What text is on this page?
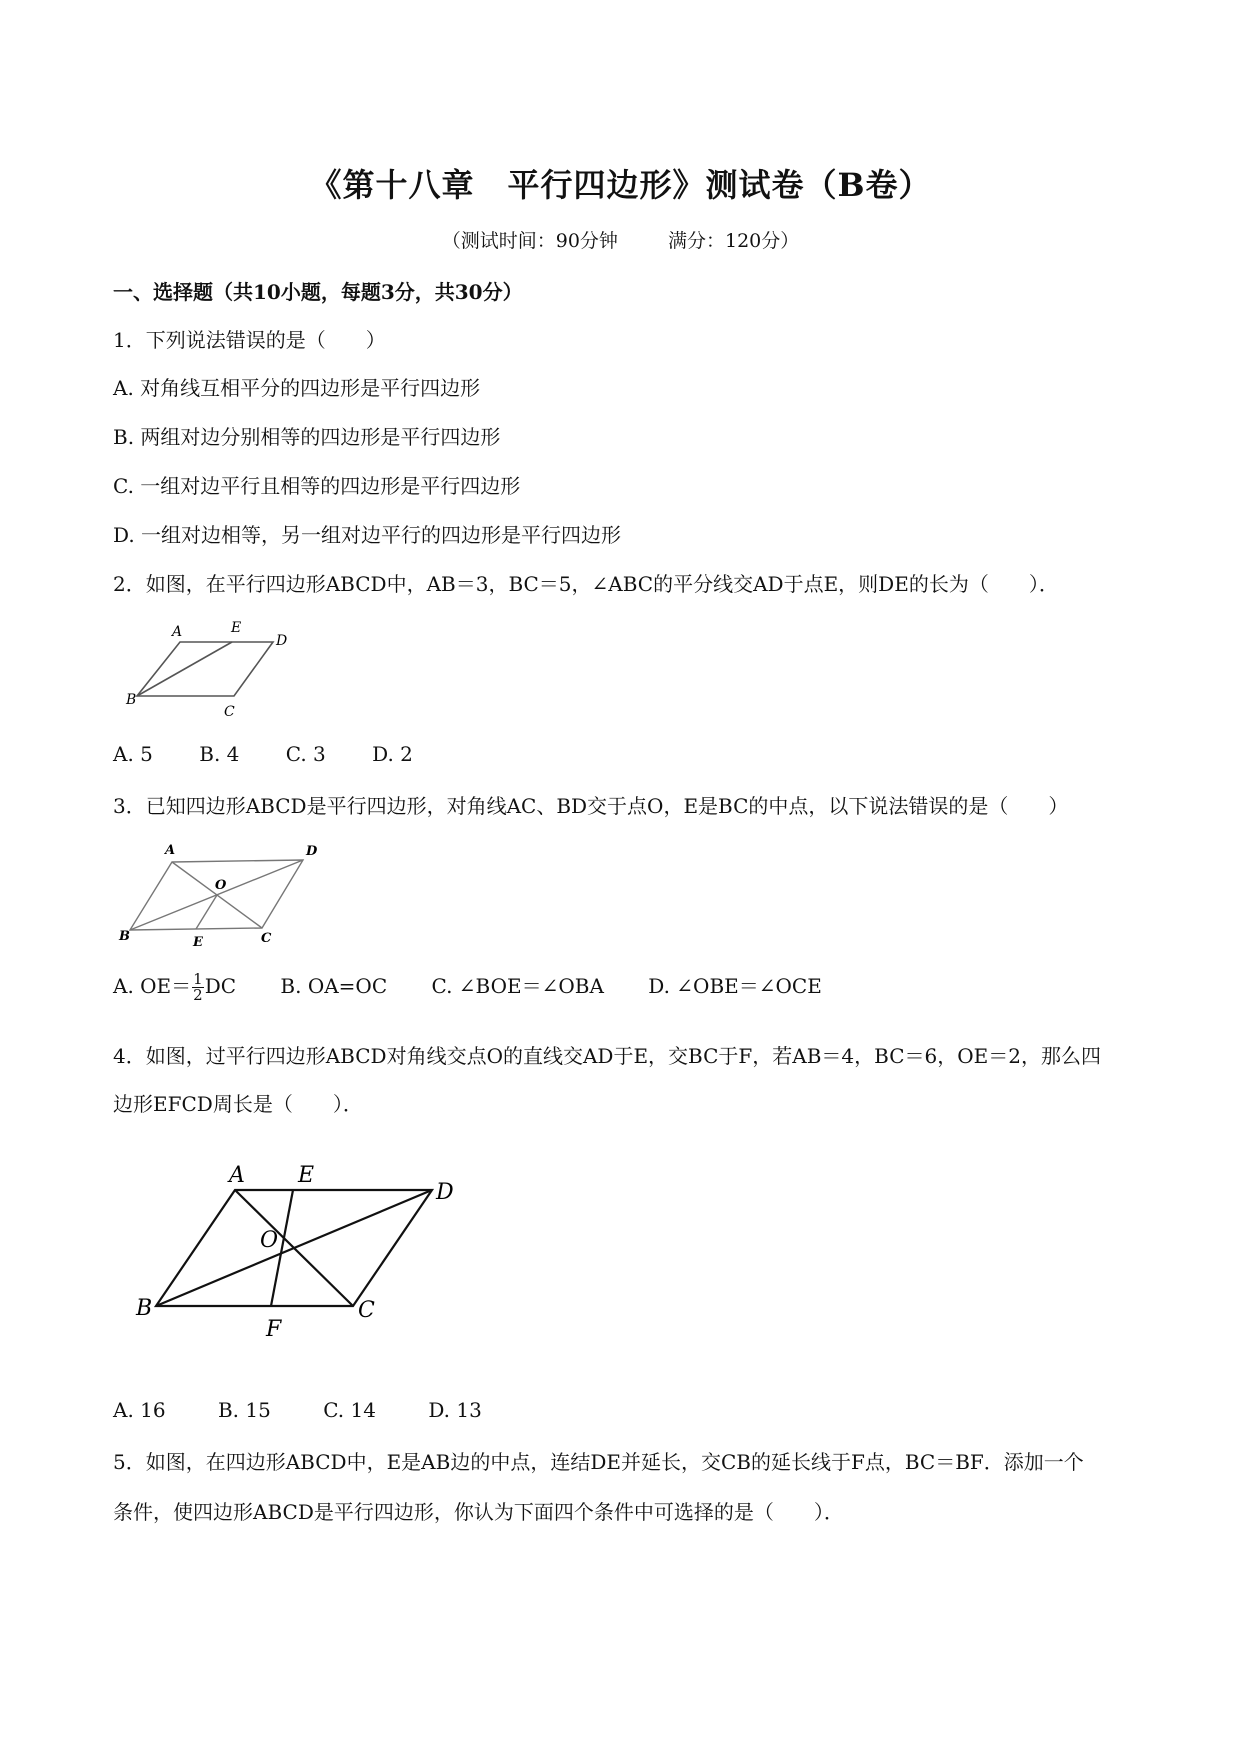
《第十八章　平行四边形》测试卷（B卷）
（测试时间：90分钟	满分：120分）
一、选择题（共10小题，每题3分，共30分）
1．下列说法错误的是（　　）
A. 对角线互相平分的四边形是平行四边形
B. 两组对边分别相等的四边形是平行四边形
C. 一组对边平行且相等的四边形是平行四边形
D. 一组对边相等，另一组对边平行的四边形是平行四边形
2．如图，在平行四边形ABCD中，AB＝3，BC＝5，∠ABC的平分线交AD于点E，则DE的长为（　　）．
A	E
D
B
C
A. 5 B. 4 C. 3 D. 2
3．已知四边形ABCD是平行四边形，对角线AC、BD交于点O，E是BC的中点，以下说法错误的是（　　）
A	D
O
B	E	C
A. $OE= \frac{1}{2}$ DC B. OA=OC C. ∠BOE＝∠OBA D. ∠OBE＝∠OCE
4．如图，过平行四边形ABCD对角线交点O的直线交AD于E，交BC于F，若AB＝4，BC＝6，OE＝2，那么四
边形EFCD周长是（　　）．
A E
D
O
B	C
F
A. 16	B. 15	C. 14	D. 13
5．如图，在四边形ABCD中，E是AB边的中点，连结DE并延长，交CB的延长线于F点，BC＝BF．添加一个
条件，使四边形ABCD是平行四边形，你认为下面四个条件中可选择的是（　　）．
